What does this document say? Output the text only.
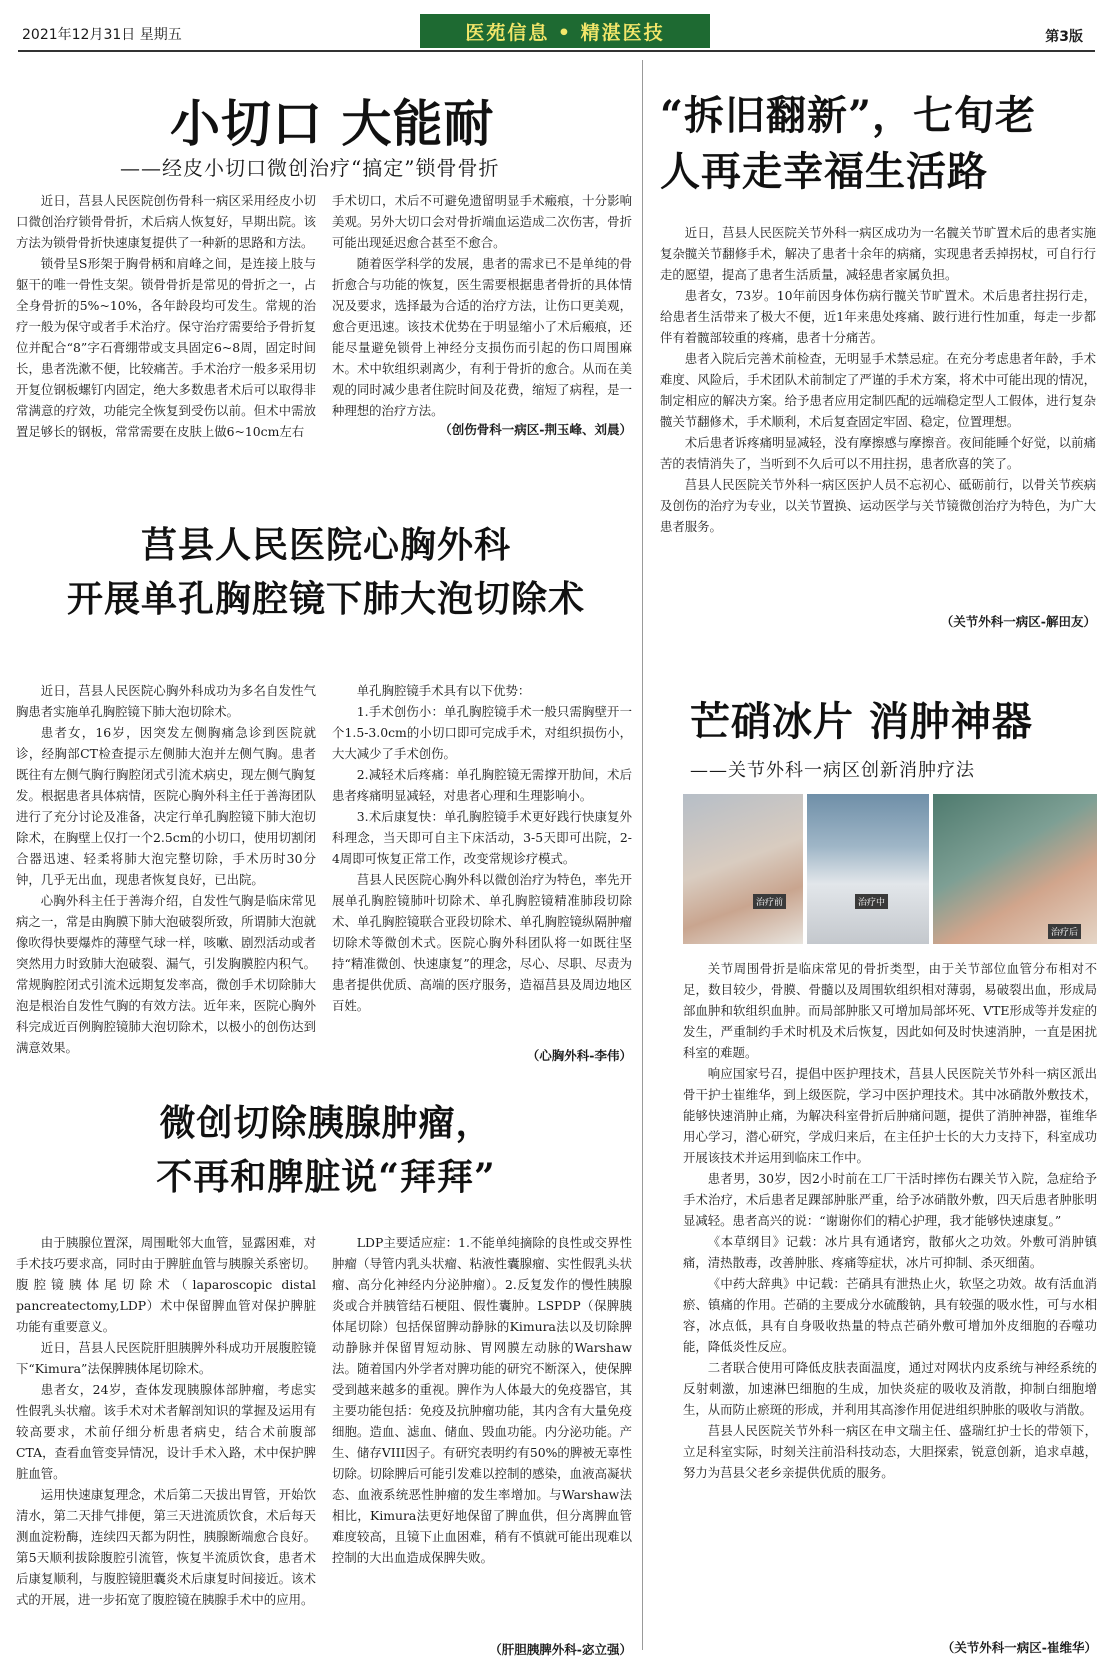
2021年12月31日 星期五	医苑信息 • 精湛医技	第3版
小切口 大能耐
——经皮小切口微创治疗“搞定”锁骨骨折

近日，莒县人民医院创伤骨科一病区采用经皮小切口微创治疗锁骨骨折，术后病人恢复好，早期出院。该方法为锁骨骨折快速康复提供了一种新的思路和方法。

锁骨呈S形架于胸骨柄和肩峰之间，是连接上肢与躯干的唯一骨性支架。锁骨骨折是常见的骨折之一，占全身骨折的5%~10%，各年龄段均可发生。常规的治疗一般为保守或者手术治疗。保守治疗需要给予骨折复位并配合“8”字石膏绷带或支具固定6~8周，固定时间长，患者洗漱不便，比较痛苦。手术治疗一般多采用切开复位钢板螺钉内固定，绝大多数患者术后可以取得非常满意的疗效，功能完全恢复到受伤以前。但术中需放置足够长的钢板，常常需要在皮肤上做6~10cm左右

手术切口，术后不可避免遗留明显手术瘢痕，十分影响美观。另外大切口会对骨折端血运造成二次伤害，骨折可能出现延迟愈合甚至不愈合。

随着医学科学的发展，患者的需求已不是单纯的骨折愈合与功能的恢复，医生需要根据患者骨折的具体情况及要求，选择最为合适的治疗方法，让伤口更美观，愈合更迅速。该技术优势在于明显缩小了术后瘢痕，还能尽量避免锁骨上神经分支损伤而引起的伤口周围麻木。术中软组织剥离少，有利于骨折的愈合。从而在美观的同时减少患者住院时间及花费，缩短了病程，是一种理想的治疗方法。

（创伤骨科一病区-荆玉峰、刘晨）
“拆旧翻新”，七旬老
人再走幸福生活路

近日，莒县人民医院关节外科一病区成功为一名髋关节旷置术后的患者实施复杂髋关节翻修手术，解决了患者十余年的病痛，实现患者丢掉拐杖，可自行行走的愿望，提高了患者生活质量，减轻患者家属负担。

患者女，73岁。10年前因身体伤病行髋关节旷置术。术后患者拄拐行走，给患者生活带来了极大不便，近1年来患处疼痛、跛行进行性加重，每走一步都伴有着髋部较重的疼痛，患者十分痛苦。

患者入院后完善术前检查，无明显手术禁忌症。在充分考虑患者年龄，手术难度、风险后，手术团队术前制定了严谨的手术方案，将术中可能出现的情况，制定相应的解决方案。给予患者应用定制匹配的远端稳定型人工假体，进行复杂髋关节翻修术，手术顺利，术后复查固定牢固、稳定，位置理想。

术后患者诉疼痛明显减轻，没有摩擦感与摩擦音。夜间能睡个好觉，以前痛苦的表情消失了，当听到不久后可以不用拄拐，患者欣喜的笑了。

莒县人民医院关节外科一病区医护人员不忘初心、砥砺前行，以骨关节疾病及创伤的治疗为专业，以关节置换、运动医学与关节镜微创治疗为特色，为广大患者服务。

（关节外科一病区-解田友）
莒县人民医院心胸外科
开展单孔胸腔镜下肺大泡切除术

近日，莒县人民医院心胸外科成功为多名自发性气胸患者实施单孔胸腔镜下肺大泡切除术。

患者女，16岁，因突发左侧胸痛急诊到医院就诊，经胸部CT检查提示左侧肺大泡并左侧气胸。患者既往有左侧气胸行胸腔闭式引流术病史，现左侧气胸复发。根据患者具体病情，医院心胸外科主任于善海团队进行了充分讨论及准备，决定行单孔胸腔镜下肺大泡切除术，在胸壁上仅打一个2.5cm的小切口，使用切割闭合器迅速、轻柔将肺大泡完整切除，手术历时30分钟，几乎无出血，现患者恢复良好，已出院。

心胸外科主任于善海介绍，自发性气胸是临床常见病之一，常是由胸膜下肺大泡破裂所致，所谓肺大泡就像吹得快要爆炸的薄壁气球一样，咳嗽、剧烈活动或者突然用力时致肺大泡破裂、漏气，引发胸膜腔内积气。常规胸腔闭式引流术远期复发率高，微创手术切除肺大泡是根治自发性气胸的有效方法。近年来，医院心胸外科完成近百例胸腔镜肺大泡切除术，以极小的创伤达到满意效果。

单孔胸腔镜手术具有以下优势：

1.手术创伤小：单孔胸腔镜手术一般只需胸壁开一个1.5-3.0cm的小切口即可完成手术，对组织损伤小，大大减少了手术创伤。

2.减轻术后疼痛：单孔胸腔镜无需撑开肋间，术后患者疼痛明显减轻，对患者心理和生理影响小。

3.术后康复快：单孔胸腔镜手术更好践行快康复外科理念，当天即可自主下床活动，3-5天即可出院，2-4周即可恢复正常工作，改变常规诊疗模式。

莒县人民医院心胸外科以微创治疗为特色，率先开展单孔胸腔镜肺叶切除术、单孔胸腔镜精准肺段切除术、单孔胸腔镜联合亚段切除术、单孔胸腔镜纵隔肿瘤切除术等微创术式。医院心胸外科团队将一如既往坚持“精准微创、快速康复”的理念，尽心、尽职、尽责为患者提供优质、高端的医疗服务，造福莒县及周边地区百姓。

（心胸外科-李伟）
芒硝冰片 消肿神器
——关节外科一病区创新消肿疗法
治疗前	治疗中
治疗后

关节周围骨折是临床常见的骨折类型，由于关节部位血管分布相对不足，数目较少，骨膜、骨髓以及周围软组织相对薄弱，易破裂出血，形成局部血肿和软组织血肿。而局部肿胀又可增加局部坏死、VTE形成等并发症的发生，严重制约手术时机及术后恢复，因此如何及时快速消肿，一直是困扰科室的难题。

响应国家号召，提倡中医护理技术，莒县人民医院关节外科一病区派出骨干护士崔维华，到上级医院，学习中医护理技术。其中冰硝散外敷技术，能够快速消肿止痛，为解决科室骨折后肿痛问题，提供了消肿神器，崔维华用心学习，潜心研究，学成归来后，在主任护士长的大力支持下，科室成功开展该技术并运用到临床工作中。

患者男，30岁，因2小时前在工厂干活时摔伤右踝关节入院，急症给予手术治疗，术后患者足踝部肿胀严重，给予冰硝散外敷，四天后患者肿胀明显减轻。患者高兴的说：“谢谢你们的精心护理，我才能够快速康复。”

《本草纲目》记载：冰片具有通诸窍，散郁火之功效。外敷可消肿镇痛，清热散毒，改善肿胀、疼痛等症状，冰片可抑制、杀灭细菌。

《中药大辞典》中记载：芒硝具有泄热止火，软坚之功效。故有活血消瘀、镇痛的作用。芒硝的主要成分水硫酸钠，具有较强的吸水性，可与水相容，冰点低，具有自身吸收热量的特点芒硝外敷可增加外皮细胞的吞噬功能，降低炎性反应。

二者联合使用可降低皮肤表面温度，通过对网状内皮系统与神经系统的反射刺激，加速淋巴细胞的生成，加快炎症的吸收及消散，抑制白细胞增生，从而防止瘀斑的形成，并利用其高渗作用促进组织肿胀的吸收与消散。

莒县人民医院关节外科一病区在申文瑞主任、盛瑞红护士长的带领下，立足科室实际，时刻关注前沿科技动态，大胆探索，锐意创新，追求卓越，努力为莒县父老乡亲提供优质的服务。

（关节外科一病区-崔维华）
微创切除胰腺肿瘤，
不再和脾脏说“拜拜”

由于胰腺位置深，周围毗邻大血管，显露困难，对手术技巧要求高，同时由于脾脏血管与胰腺关系密切。腹腔镜胰体尾切除术（laparoscopic distal pancreatectomy,LDP）术中保留脾血管对保护脾脏功能有重要意义。

近日，莒县人民医院肝胆胰脾外科成功开展腹腔镜下“Kimura”法保脾胰体尾切除术。

患者女，24岁，查体发现胰腺体部肿瘤，考虑实性假乳头状瘤。该手术对术者解剖知识的掌握及运用有较高要求，术前仔细分析患者病史，结合术前腹部CTA，查看血管变异情况，设计手术入路，术中保护脾脏血管。

运用快速康复理念，术后第二天拔出胃管，开始饮清水，第二天排气排便，第三天进流质饮食，术后每天测血淀粉酶，连续四天都为阴性，胰腺断端愈合良好。第5天顺利拔除腹腔引流管，恢复半流质饮食，患者术后康复顺利，与腹腔镜胆囊炎术后康复时间接近。该术式的开展，进一步拓宽了腹腔镜在胰腺手术中的应用。

LDP主要适应症：1.不能单纯摘除的良性或交界性肿瘤（导管内乳头状瘤、粘液性囊腺瘤、实性假乳头状瘤、高分化神经内分泌肿瘤）。2.反复发作的慢性胰腺炎或合并胰管结石梗阻、假性囊肿。LSPDP（保脾胰体尾切除）包括保留脾动静脉的Kimura法以及切除脾动静脉并保留胃短动脉、胃网膜左动脉的Warshaw法。随着国内外学者对脾功能的研究不断深入，使保脾受到越来越多的重视。脾作为人体最大的免疫器官，其主要功能包括：免疫及抗肿瘤功能，其内含有大量免疫细胞。造血、滤血、储血、毁血功能。内分泌功能。产生、储存VIII因子。有研究表明约有50%的脾被无辜性切除。切除脾后可能引发难以控制的感染，血液高凝状态、血液系统恶性肿瘤的发生率增加。与Warshaw法相比，Kimura法更好地保留了脾血供，但分离脾血管难度较高，且镜下止血困难，稍有不慎就可能出现难以控制的大出血造成保脾失败。

（肝胆胰脾外科-宓立强）
